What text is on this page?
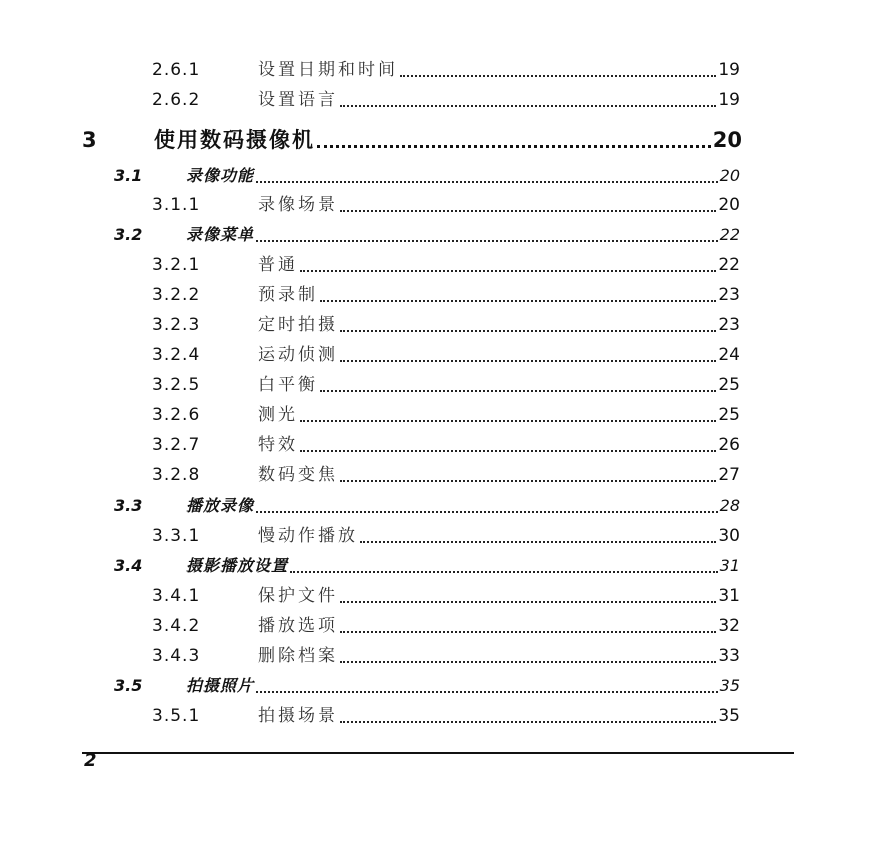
2.6.1	设置日期和时间	19
2.6.2	设置语言	19
3	使用数码摄像机	20
3.1	录像功能	20
3.1.1	录像场景	20
3.2	录像菜单	22
3.2.1	普通	22
3.2.2	预录制	23
3.2.3	定时拍摄	23
3.2.4	运动侦测	24
3.2.5	白平衡	25
3.2.6	测光	25
3.2.7	特效	26
3.2.8	数码变焦	27
3.3	播放录像	28
3.3.1	慢动作播放	30
3.4	摄影播放设置	31
3.4.1	保护文件	31
3.4.2	播放选项	32
3.4.3	删除档案	33
3.5	拍摄照片	35
3.5.1	拍摄场景	35
2
